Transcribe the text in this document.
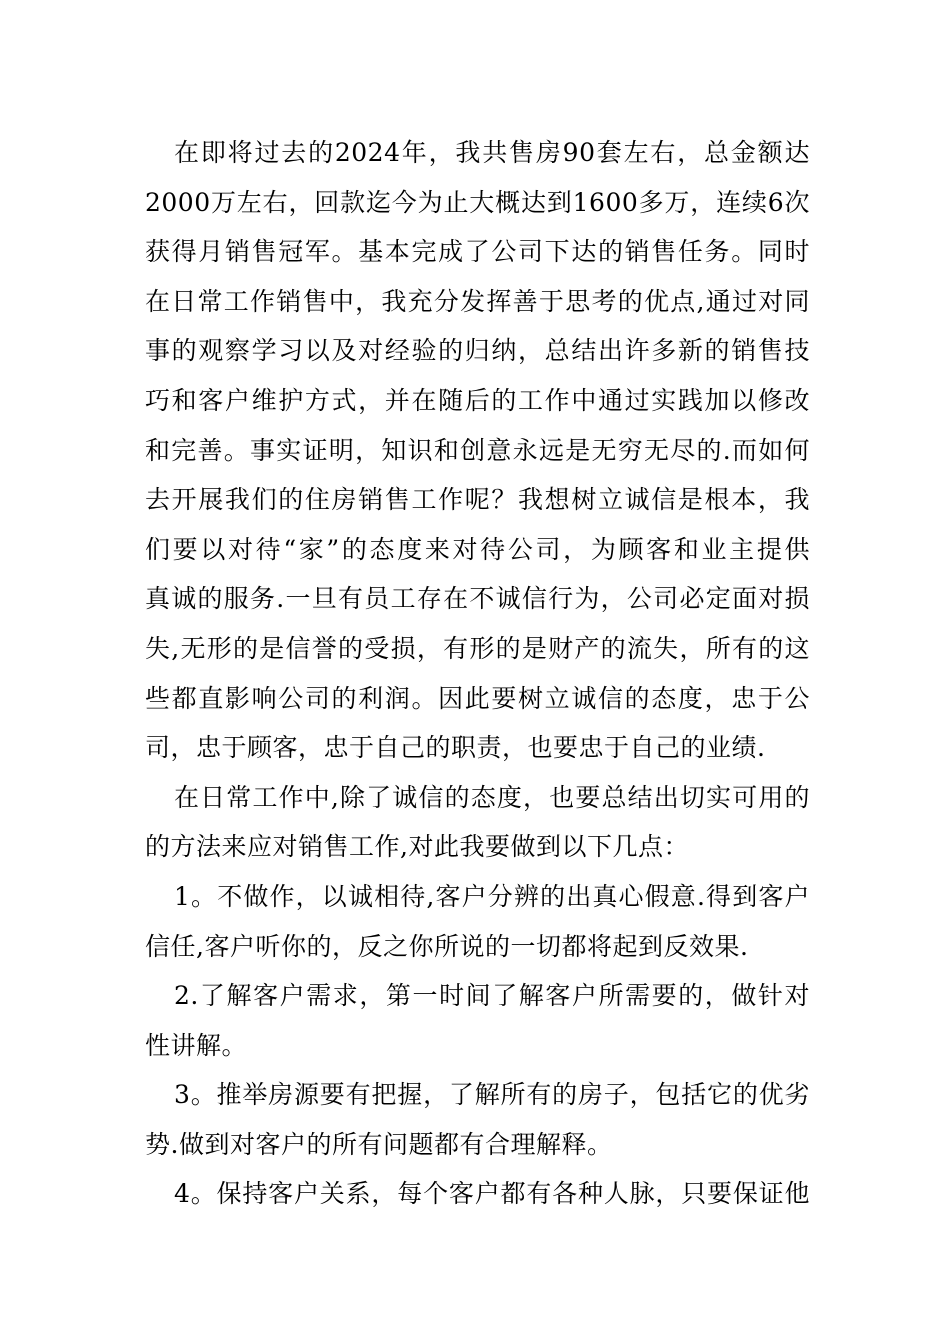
在即将过去的2024年，我共售房90套左右，总金额达
2000万左右，回款迄今为止大概达到1600多万，连续6次
获得月销售冠军。基本完成了公司下达的销售任务。同时
在日常工作销售中，我充分发挥善于思考的优点,通过对同
事的观察学习以及对经验的归纳，总结出许多新的销售技
巧和客户维护方式，并在随后的工作中通过实践加以修改
和完善。事实证明，知识和创意永远是无穷无尽的.而如何
去开展我们的住房销售工作呢？我想树立诚信是根本，我
们要以对待“家”的态度来对待公司，为顾客和业主提供
真诚的服务.一旦有员工存在不诚信行为，公司必定面对损
失,无形的是信誉的受损，有形的是财产的流失，所有的这
些都直影响公司的利润。因此要树立诚信的态度，忠于公
司，忠于顾客，忠于自己的职责，也要忠于自己的业绩.
在日常工作中,除了诚信的态度，也要总结出切实可用的
的方法来应对销售工作,对此我要做到以下几点：
1。不做作，以诚相待,客户分辨的出真心假意.得到客户
信任,客户听你的，反之你所说的一切都将起到反效果.
2.了解客户需求，第一时间了解客户所需要的，做针对
性讲解。
3。推举房源要有把握，了解所有的房子，包括它的优劣
势.做到对客户的所有问题都有合理解释。
4。保持客户关系，每个客户都有各种人脉，只要保证他
